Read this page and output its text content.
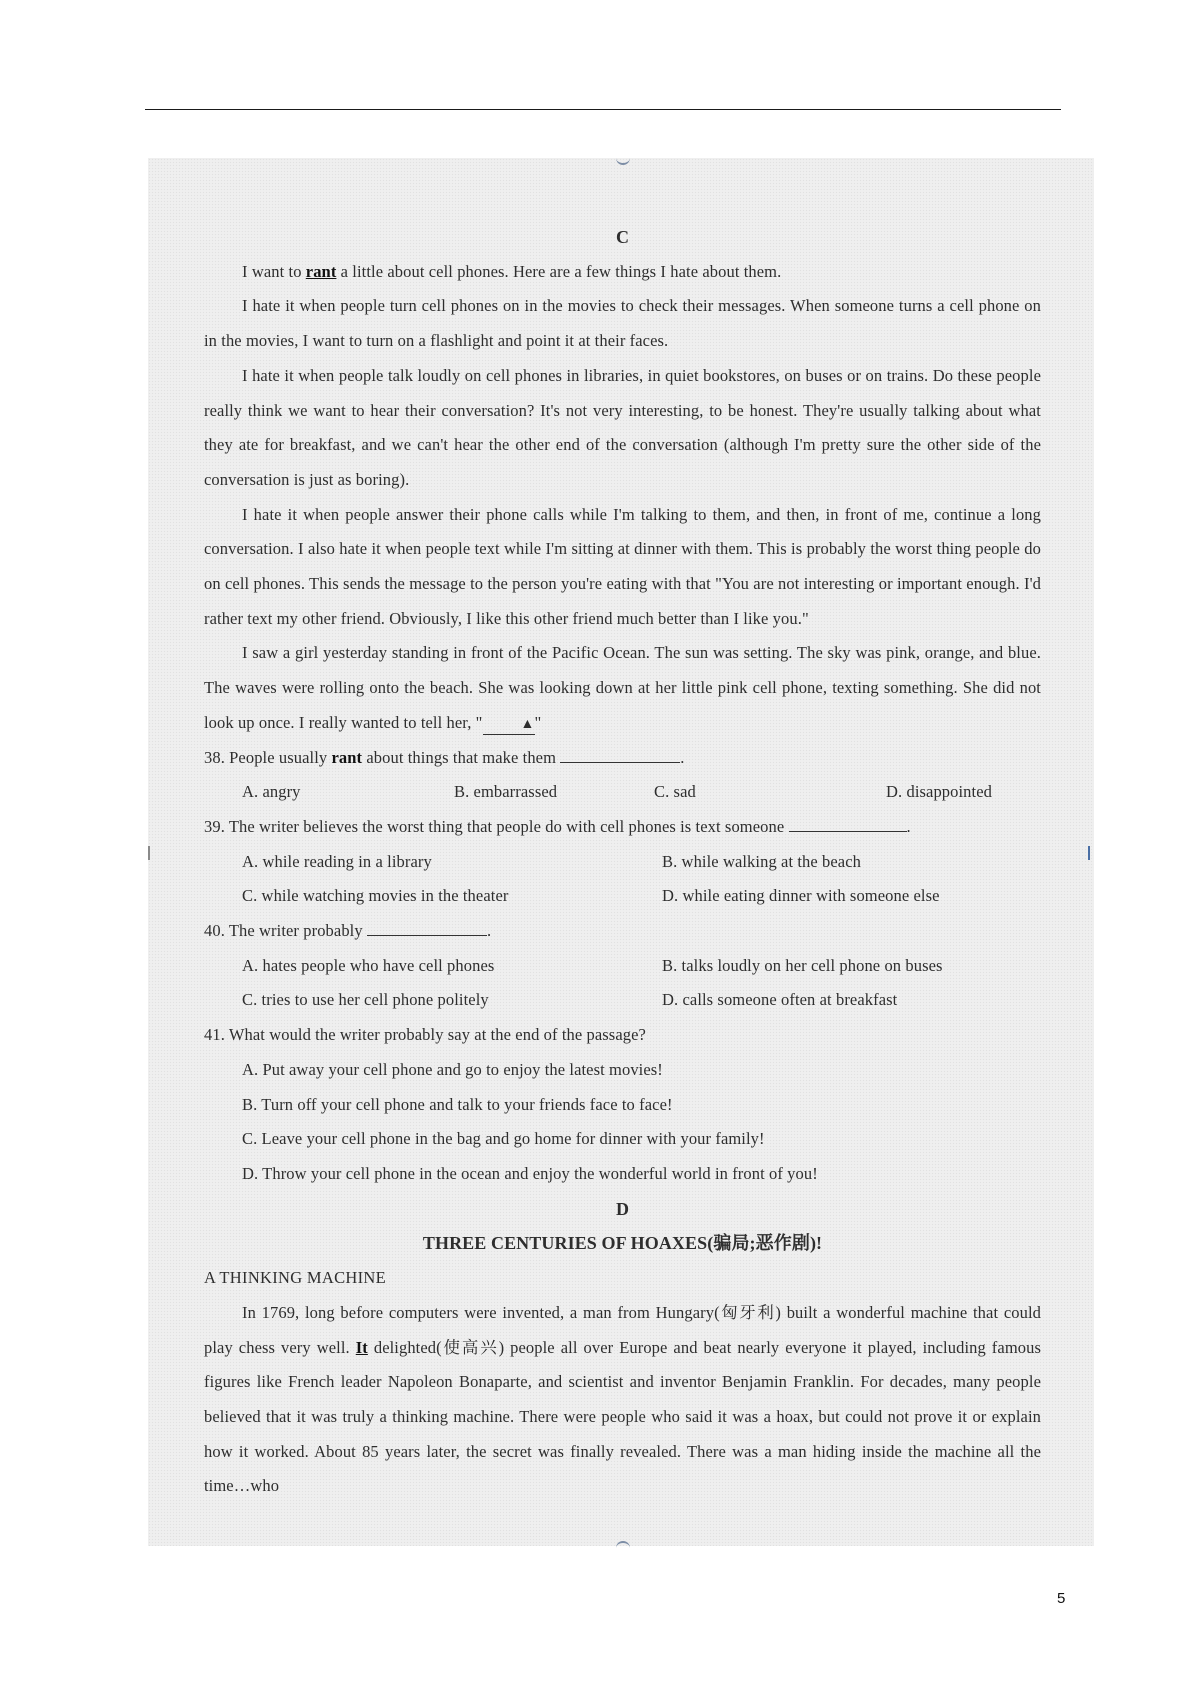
C

I want to rant a little about cell phones. Here are a few things I hate about them.

I hate it when people turn cell phones on in the movies to check their messages. When someone turns a cell phone on in the movies, I want to turn on a flashlight and point it at their faces.

I hate it when people talk loudly on cell phones in libraries, in quiet bookstores, on buses or on trains. Do these people really think we want to hear their conversation? It's not very interesting, to be honest. They're usually talking about what they ate for breakfast, and we can't hear the other end of the conversation (although I'm pretty sure the other side of the conversation is just as boring).

I hate it when people answer their phone calls while I'm talking to them, and then, in front of me, continue a long conversation. I also hate it when people text while I'm sitting at dinner with them. This is probably the worst thing people do on cell phones. This sends the message to the person you're eating with that "You are not interesting or important enough. I'd rather text my other friend. Obviously, I like this other friend much better than I like you."

I saw a girl yesterday standing in front of the Pacific Ocean. The sun was setting. The sky was pink, orange, and blue. The waves were rolling onto the beach. She was looking down at her little pink cell phone, texting something. She did not look up once. I really wanted to tell her, "	▲"

38. People usually rant about things that make them	.

A. angry	B. embarrassed	C. sad	D. disappointed

39. The writer believes the worst thing that people do with cell phones is text someone	.

A. while reading in a library	B. while walking at the beach
C. while watching movies in the theater	D. while eating dinner with someone else

40. The writer probably	.

A. hates people who have cell phones	B. talks loudly on her cell phone on buses
C. tries to use her cell phone politely	D. calls someone often at breakfast

41. What would the writer probably say at the end of the passage?

A. Put away your cell phone and go to enjoy the latest movies!
B. Turn off your cell phone and talk to your friends face to face!
C. Leave your cell phone in the bag and go home for dinner with your family!
D. Throw your cell phone in the ocean and enjoy the wonderful world in front of you!
D
THREE CENTURIES OF HOAXES(骗局;恶作剧)!
A THINKING MACHINE

In 1769, long before computers were invented, a man from Hungary(匈牙利) built a wonderful machine that could play chess very well. It delighted(使高兴) people all over Europe and beat nearly everyone it played, including famous figures like French leader Napoleon Bonaparte, and scientist and inventor Benjamin Franklin. For decades, many people believed that it was truly a thinking machine. There were people who said it was a hoax, but could not prove it or explain how it worked. About 85 years later, the secret was finally revealed. There was a man hiding inside the machine all the time…who

5
